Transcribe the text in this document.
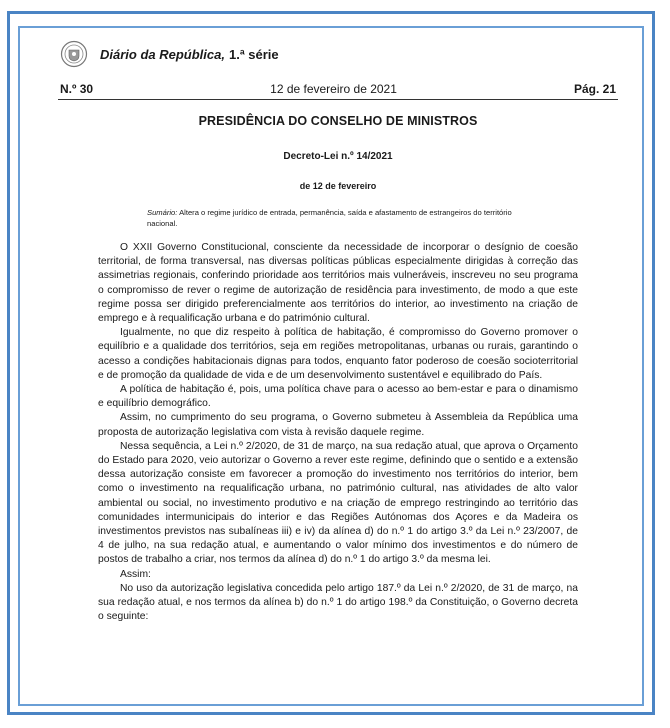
Diário da República, 1.ª série
N.º 30	12 de fevereiro de 2021	Pág. 21
PRESIDÊNCIA DO CONSELHO DE MINISTROS
Decreto-Lei n.º 14/2021
de 12 de fevereiro
Sumário: Altera o regime jurídico de entrada, permanência, saída e afastamento de estrangeiros do território nacional.

O XXII Governo Constitucional, consciente da necessidade de incorporar o desígnio de coesão territorial, de forma transversal, nas diversas políticas públicas especialmente dirigidas à correção das assimetrias regionais, conferindo prioridade aos territórios mais vulneráveis, inscreveu no seu programa o compromisso de rever o regime de autorização de residência para investimento, de modo a que este regime possa ser dirigido preferencialmente aos territórios do interior, ao investimento na criação de emprego e à requalificação urbana e do património cultural.

Igualmente, no que diz respeito à política de habitação, é compromisso do Governo promover o equilíbrio e a qualidade dos territórios, seja em regiões metropolitanas, urbanas ou rurais, garantindo o acesso a condições habitacionais dignas para todos, enquanto fator poderoso de coesão socioterritorial e de promoção da qualidade de vida e de um desenvolvimento sustentável e equilibrado do País.

A política de habitação é, pois, uma política chave para o acesso ao bem-estar e para o dinamismo e equilíbrio demográfico.

Assim, no cumprimento do seu programa, o Governo submeteu à Assembleia da República uma proposta de autorização legislativa com vista à revisão daquele regime.

Nessa sequência, a Lei n.º 2/2020, de 31 de março, na sua redação atual, que aprova o Orçamento do Estado para 2020, veio autorizar o Governo a rever este regime, definindo que o sentido e a extensão dessa autorização consiste em favorecer a promoção do investimento nos territórios do interior, bem como o investimento na requalificação urbana, no património cultural, nas atividades de alto valor ambiental ou social, no investimento produtivo e na criação de emprego restringindo ao território das comunidades intermunicipais do interior e das Regiões Autónomas dos Açores e da Madeira os investimentos previstos nas subalíneas iii) e iv) da alínea d) do n.º 1 do artigo 3.º da Lei n.º 23/2007, de 4 de julho, na sua redação atual, e aumentando o valor mínimo dos investimentos e do número de postos de trabalho a criar, nos termos da alínea d) do n.º 1 do artigo 3.º da mesma lei.

Assim:

No uso da autorização legislativa concedida pelo artigo 187.º da Lei n.º 2/2020, de 31 de março, na sua redação atual, e nos termos da alínea b) do n.º 1 do artigo 198.º da Constituição, o Governo decreta o seguinte:
